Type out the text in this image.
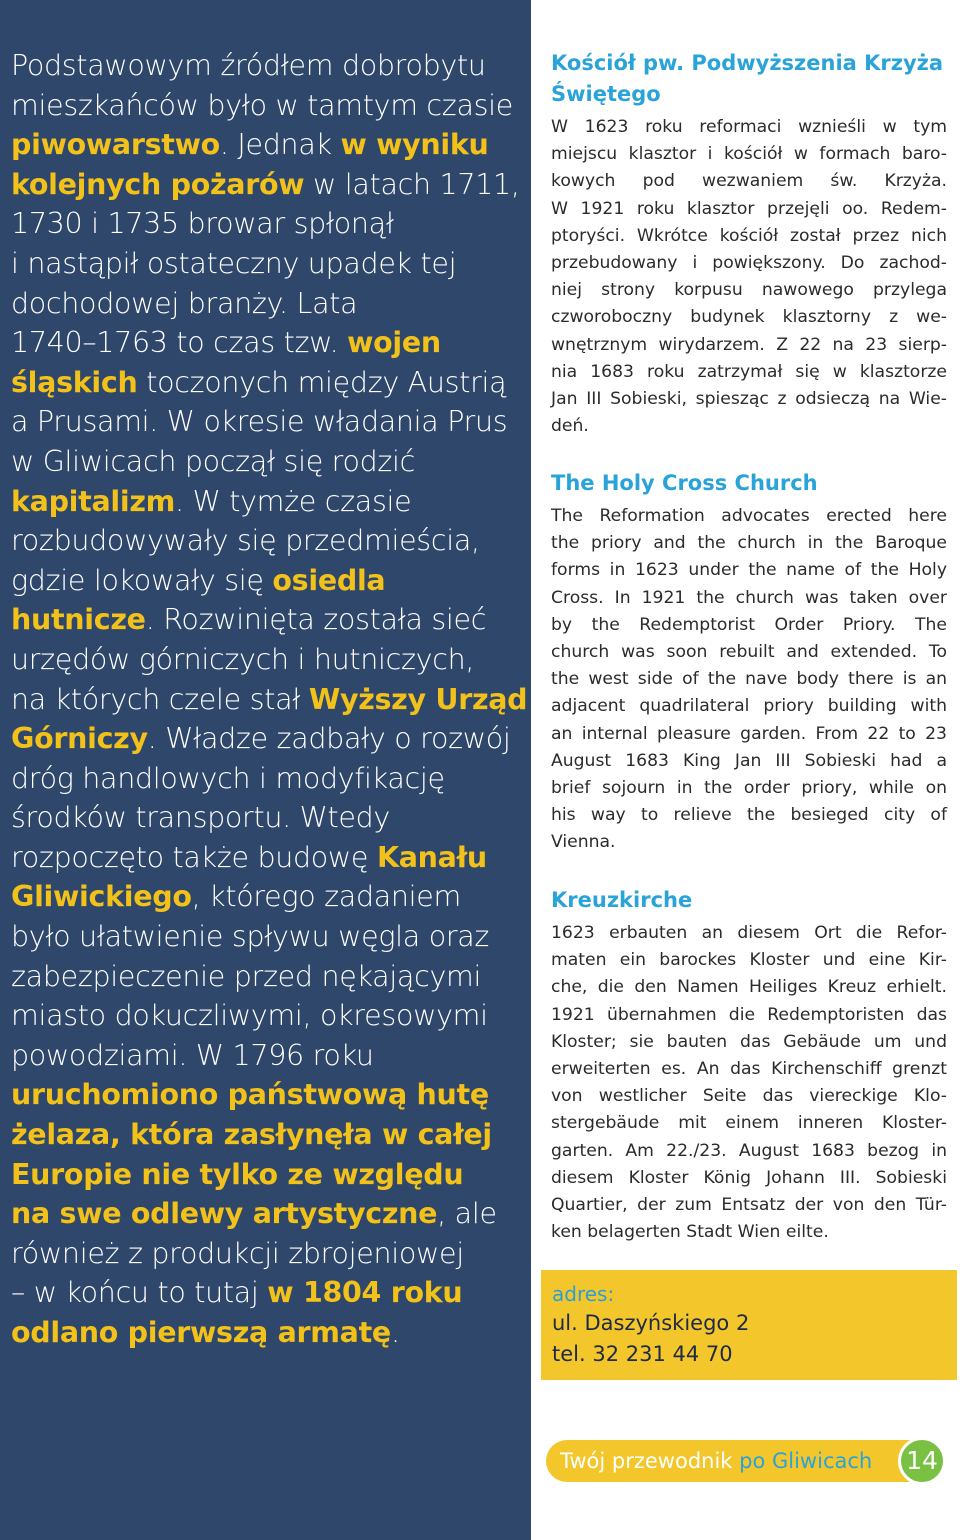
Podstawowym źródłem dobrobytu
mieszkańców było w tamtym czasie
piwowarstwo. Jednak w wyniku
kolejnych pożarów w latach 1711,
1730 i 1735 browar spłonął
i nastąpił ostateczny upadek tej
dochodowej branży. Lata
1740–1763 to czas tzw. wojen
śląskich toczonych między Austrią
a Prusami. W okresie władania Prus
w Gliwicach począł się rodzić
kapitalizm. W tymże czasie
rozbudowywały się przedmieścia,
gdzie lokowały się osiedla
hutnicze. Rozwinięta została sieć
urzędów górniczych i hutniczych,
na których czele stał Wyższy Urząd
Górniczy. Władze zadbały o rozwój
dróg handlowych i modyfikację
środków transportu. Wtedy
rozpoczęto także budowę Kanału
Gliwickiego, którego zadaniem
było ułatwienie spływu węgla oraz
zabezpieczenie przed nękającymi
miasto dokuczliwymi, okresowymi
powodziami. W 1796 roku
uruchomiono państwową hutę
żelaza, która zasłynęła w całej
Europie nie tylko ze względu
na swe odlewy artystyczne, ale
również z produkcji zbrojeniowej
– w końcu to tutaj w 1804 roku
odlano pierwszą armatę.
Kościół pw. Podwyższenia Krzyża
Świętego
W 1623 roku reformaci wznieśli w tym
miejscu klasztor i kościół w formach baro-
kowych pod wezwaniem św. Krzyża.
W 1921 roku klasztor przejęli oo. Redem-
ptoryści. Wkrótce kościół został przez nich
przebudowany i powiększony. Do zachod-
niej strony korpusu nawowego przylega
czworoboczny budynek klasztorny z we-
wnętrznym wirydarzem. Z 22 na 23 sierp-
nia 1683 roku zatrzymał się w klasztorze
Jan III Sobieski, spiesząc z odsieczą na Wie-
deń.
The Holy Cross Church
The Reformation advocates erected here
the priory and the church in the Baroque
forms in 1623 under the name of the Holy
Cross. In 1921 the church was taken over
by the Redemptorist Order Priory. The
church was soon rebuilt and extended. To
the west side of the nave body there is an
adjacent quadrilateral priory building with
an internal pleasure garden. From 22 to 23
August 1683 King Jan III Sobieski had a
brief sojourn in the order priory, while on
his way to relieve the besieged city of
Vienna.
Kreuzkirche
1623 erbauten an diesem Ort die Refor-
maten ein barockes Kloster und eine Kir-
che, die den Namen Heiliges Kreuz erhielt.
1921 übernahmen die Redemptoristen das
Kloster; sie bauten das Gebäude um und
erweiterten es. An das Kirchenschiff grenzt
von westlicher Seite das viereckige Klo-
stergebäude mit einem inneren Kloster-
garten. Am 22./23. August 1683 bezog in
diesem Kloster König Johann III. Sobieski
Quartier, der zum Entsatz der von den Tür-
ken belagerten Stadt Wien eilte.
adres:
ul. Daszyńskiego 2
tel. 32 231 44 70
Twój przewodnik po Gliwicach	14
